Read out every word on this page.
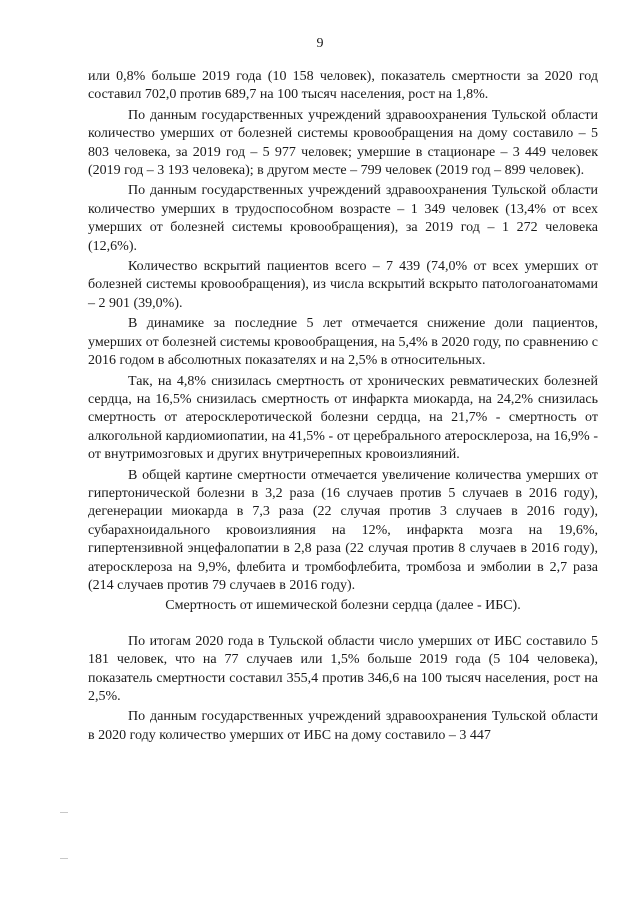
9

или 0,8% больше 2019 года (10 158 человек), показатель смертности за 2020 год составил 702,0 против 689,7 на 100 тысяч населения, рост на 1,8%.

По данным государственных учреждений здравоохранения Тульской области количество умерших от болезней системы кровообращения на дому составило – 5 803 человека, за 2019 год – 5 977 человек; умершие в стационаре – 3 449 человек (2019 год – 3 193 человека); в другом месте – 799 человек (2019 год – 899 человек).

По данным государственных учреждений здравоохранения Тульской области количество умерших в трудоспособном возрасте – 1 349 человек (13,4% от всех умерших от болезней системы кровообращения), за 2019 год – 1 272 человека (12,6%).

Количество вскрытий пациентов всего – 7 439 (74,0% от всех умерших от болезней системы кровообращения), из числа вскрытий вскрыто патологоанатомами – 2 901 (39,0%).

В динамике за последние 5 лет отмечается снижение доли пациентов, умерших от болезней системы кровообращения, на 5,4% в 2020 году, по сравнению с 2016 годом в абсолютных показателях и на 2,5% в относительных.

Так, на 4,8% снизилась смертность от хронических ревматических болезней сердца, на 16,5% снизилась смертность от инфаркта миокарда, на 24,2% снизилась смертность от атеросклеротической болезни сердца, на 21,7% - смертность от алкогольной кардиомиопатии, на 41,5% - от церебрального атеросклероза, на 16,9% - от внутримозговых и других внутричерепных кровоизлияний.

В общей картине смертности отмечается увеличение количества умерших от гипертонической болезни в 3,2 раза (16 случаев против 5 случаев в 2016 году), дегенерации миокарда в 7,3 раза (22 случая против 3 случаев в 2016 году), субарахноидального кровоизлияния на 12%, инфаркта мозга на 19,6%, гипертензивной энцефалопатии в 2,8 раза (22 случая против 8 случаев в 2016 году), атеросклероза на 9,9%, флебита и тромбофлебита, тромбоза и эмболии в 2,7 раза (214 случаев против 79 случаев в 2016 году).

Смертность от ишемической болезни сердца (далее - ИБС).

По итогам 2020 года в Тульской области число умерших от ИБС составило 5 181 человек, что на 77 случаев или 1,5% больше 2019 года (5 104 человека), показатель смертности составил 355,4 против 346,6 на 100 тысяч населения, рост на 2,5%.

По данным государственных учреждений здравоохранения Тульской области в 2020 году количество умерших от ИБС на дому составило – 3 447
